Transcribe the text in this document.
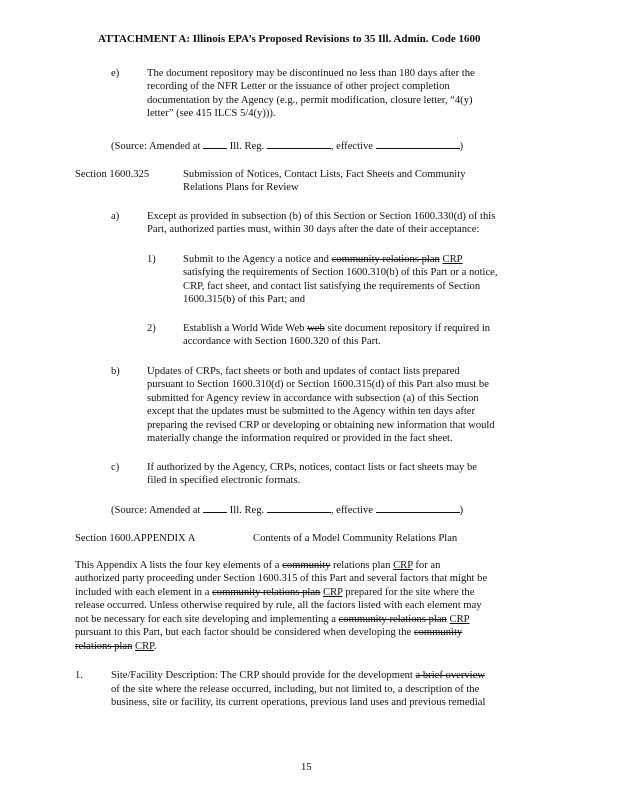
ATTACHMENT A: Illinois EPA’s Proposed Revisions to 35 Ill. Admin. Code 1600
e)	The document repository may be discontinued no less than 180 days after the
recording of the NFR Letter or the issuance of other project completion
documentation by the Agency (e.g., permit modification, closure letter, “4(y)
letter” (see 415 ILCS 5/4(y))).
(Source: Amended at	Ill. Reg.	, effective	)
Section 1600.325	Submission of Notices, Contact Lists, Fact Sheets and Community
Relations Plans for Review
a)	Except as provided in subsection (b) of this Section or Section 1600.330(d) of this
Part, authorized parties must, within 30 days after the date of their acceptance:
1)	Submit to the Agency a notice and community relations plan CRP
satisfying the requirements of Section 1600.310(b) of this Part or a notice,
CRP, fact sheet, and contact list satisfying the requirements of Section
1600.315(b) of this Part; and
2)	Establish a World Wide Web web site document repository if required in
accordance with Section 1600.320 of this Part.
b)	Updates of CRPs, fact sheets or both and updates of contact lists prepared
pursuant to Section 1600.310(d) or Section 1600.315(d) of this Part also must be
submitted for Agency review in accordance with subsection (a) of this Section
except that the updates must be submitted to the Agency within ten days after
preparing the revised CRP or developing or obtaining new information that would
materially change the information required or provided in the fact sheet.
c)	If authorized by the Agency, CRPs, notices, contact lists or fact sheets may be
filed in specified electronic formats.
(Source: Amended at	Ill. Reg.	, effective	)
Section 1600.APPENDIX A	Contents of a Model Community Relations Plan
This Appendix A lists the four key elements of a community relations plan CRP for an
authorized party proceeding under Section 1600.315 of this Part and several factors that might be
included with each element in a community relations plan CRP prepared for the site where the
release occurred. Unless otherwise required by rule, all the factors listed with each element may
not be necessary for each site developing and implementing a community relations plan CRP
pursuant to this Part, but each factor should be considered when developing the community
relations plan CRP.
1.	Site/Facility Description: The CRP should provide for the development a brief overview
of the site where the release occurred, including, but not limited to, a description of the
business, site or facility, its current operations, previous land uses and previous remedial
15
